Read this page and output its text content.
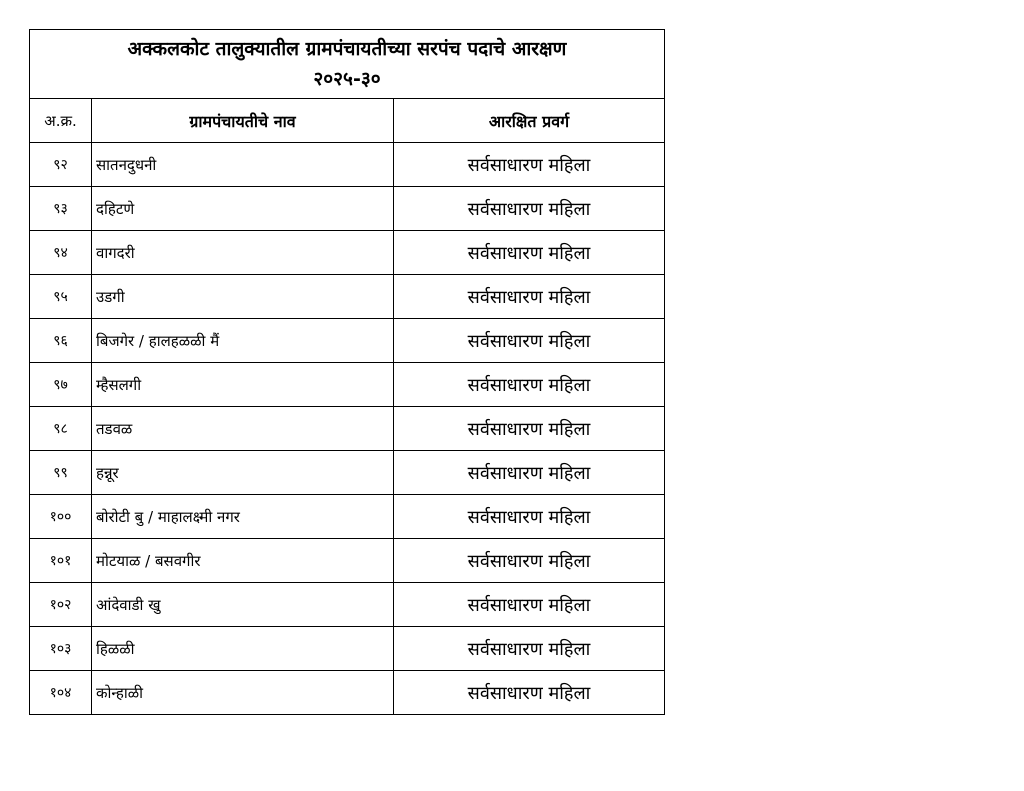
अक्कलकोट तालुक्यातील ग्रामपंचायतीच्या सरपंच पदाचे आरक्षण
२०२५-३०		

अ.क्र.	ग्रामपंचायतीचे नाव	आरक्षित प्रवर्ग
९२	सातनदुधनी	सर्वसाधारण महिला
९३	दहिटणे	सर्वसाधारण महिला
९४	वागदरी	सर्वसाधारण महिला
९५	उडगी	सर्वसाधारण महिला
९६	बिजगेर / हालहळळी मैं	सर्वसाधारण महिला
९७	म्हैसलगी	सर्वसाधारण महिला
९८	तडवळ	सर्वसाधारण महिला
९९	हन्नूर	सर्वसाधारण महिला
१००	बोरोटी बु / माहालक्ष्मी नगर	सर्वसाधारण महिला
१०१	मोटयाळ / बसवगीर	सर्वसाधारण महिला
१०२	आंदेवाडी खु	सर्वसाधारण महिला
१०३	हिळळी	सर्वसाधारण महिला
१०४	कोन्हाळी	सर्वसाधारण महिला
